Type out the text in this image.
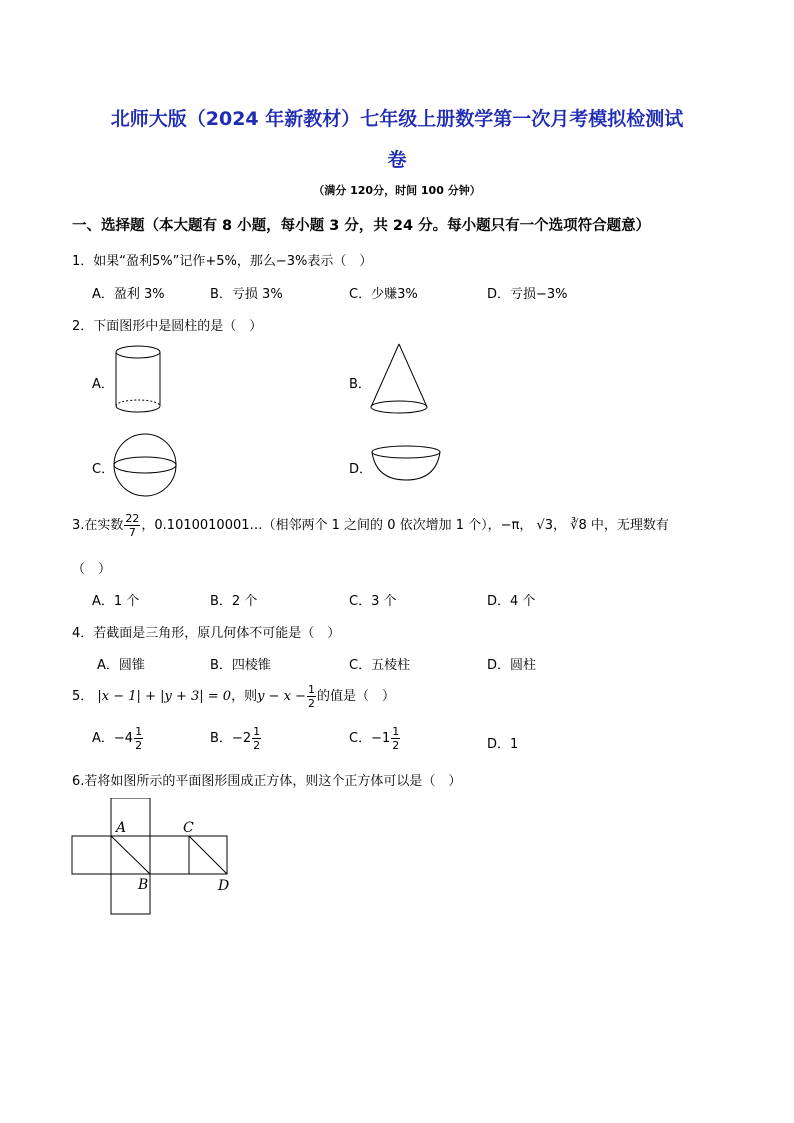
北师大版（2024 年新教材）七年级上册数学第一次月考模拟检测试
卷
（满分 120分，时间 100 分钟）
一、选择题（本大题有 8 小题，每小题 3 分，共 24 分。每小题只有一个选项符合题意）
1．如果“盈利5%”记作+5%，那么−3%表示（　）
A．盈利 3%	B．亏损 3%	C．少赚3%	D．亏损−3%
2．下面图形中是圆柱的是（　）
A．	B．
C．	D．
3.在实数 $\frac{22}{7}$ ，0.1010010001…（相邻两个 1 之间的 0 依次增加 1 个），−π， √3， ∛8 中，无理数有
（　）
A．1 个	B．2 个	C．3 个	D．4 个
4．若截面是三角形，原几何体不可能是（　）
A．圆锥	B．四棱锥	C．五棱柱	D．圆柱
5． |x − 1| + |y + 3| = 0，则$y - x - \frac{1}{2}$ 的值是（　）
A．$-4 \frac{1}{2}$	B．$-2 \frac{1}{2}$	C．$-1 \frac{1}{2}$	D．1
6.若将如图所示的平面图形围成正方体，则这个正方体可以是（　）
A
B
C
D
